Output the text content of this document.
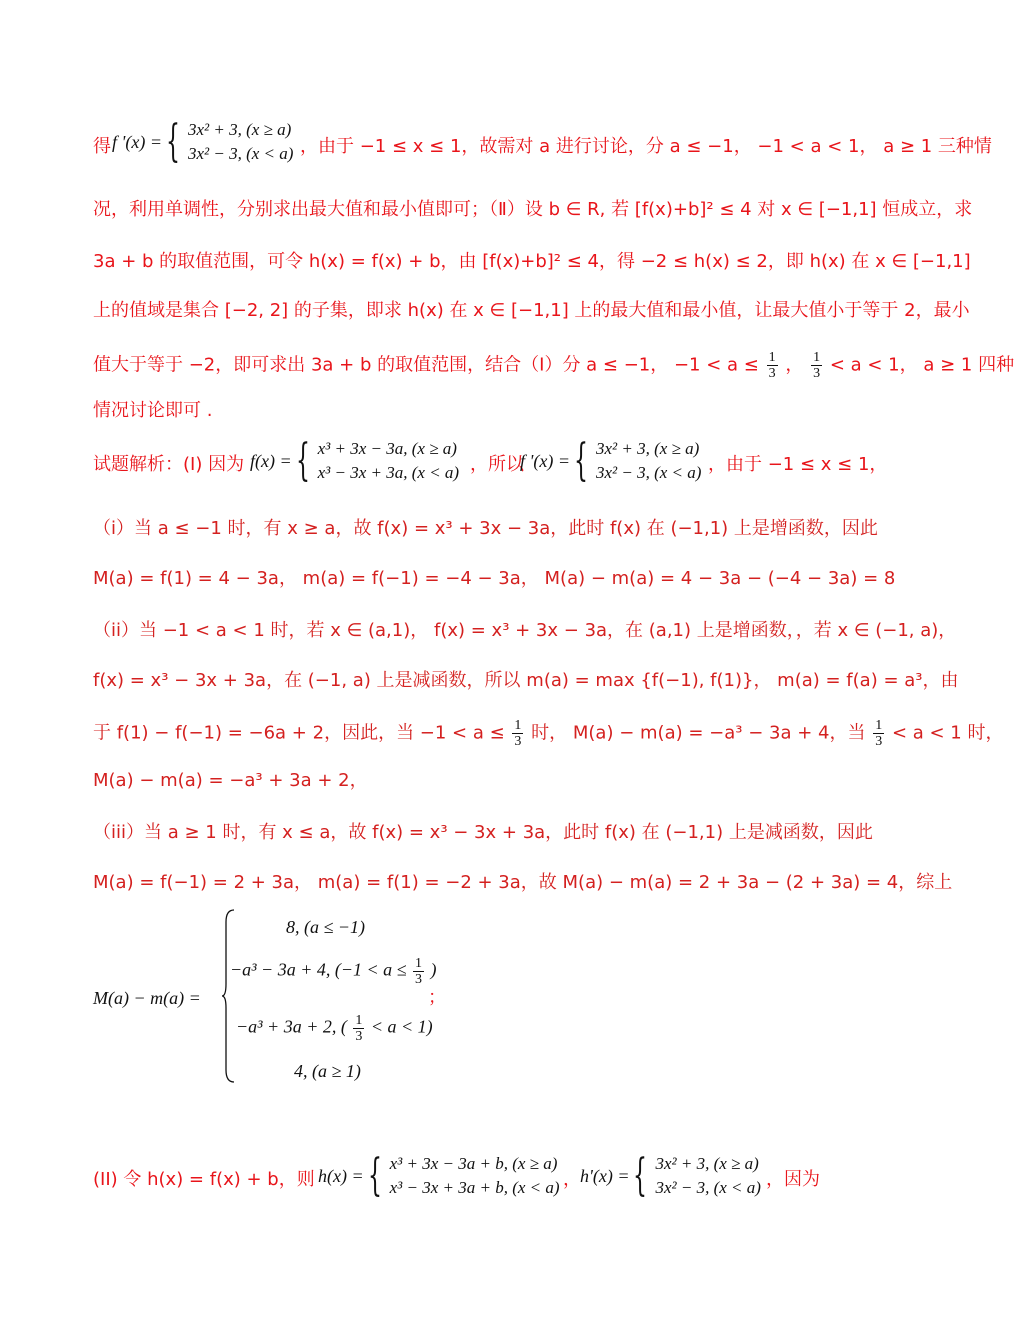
得 f '(x) = { 3x² + 3, (x ≥ a)
3x² − 3, (x < a) ，由于 −1 ≤ x ≤ 1，故需对 a 进行讨论，分 a ≤ −1， −1 < a < 1， a ≥ 1 三种情
况，利用单调性，分别求出最大值和最小值即可；（Ⅱ）设 b ∈ R, 若 [f(x)+b]² ≤ 4 对 x ∈ [−1,1] 恒成立，求
3a + b 的取值范围，可令 h(x) = f(x) + b，由 [f(x)+b]² ≤ 4，得 −2 ≤ h(x) ≤ 2，即 h(x) 在 x ∈ [−1,1]
上的值域是集合 [−2, 2] 的子集，即求 h(x) 在 x ∈ [−1,1] 上的最大值和最小值，让最大值小于等于 2，最小
值大于等于 −2，即可求出 3a + b 的取值范围，结合（I）分 a ≤ −1， $-1 < a \le \frac{1}{3}$ ， $\frac{1}{3} < a < 1$， a ≥ 1 四种
情况讨论即可 .
试题解析：(I) 因为 f(x) = { x³ + 3x − 3a, (x ≥ a)
x³ − 3x + 3a, (x < a) ，所以
f '(x) = { 3x² + 3, (x ≥ a)
3x² − 3, (x < a) ，由于 −1 ≤ x ≤ 1，
（i）当 a ≤ −1 时，有 x ≥ a，故 f(x) = x³ + 3x − 3a，此时 f(x) 在 (−1,1) 上是增函数，因此
M(a) = f(1) = 4 − 3a， m(a) = f(−1) = −4 − 3a， M(a) − m(a) = 4 − 3a − (−4 − 3a) = 8
（ii）当 −1 < a < 1 时，若 x ∈ (a,1)， f(x) = x³ + 3x − 3a，在 (a,1) 上是增函数，，若 x ∈ (−1, a)，
f(x) = x³ − 3x + 3a，在 (−1, a) 上是减函数，所以 m(a) = max {f(−1), f(1)}， m(a) = f(a) = a³，由
于 f(1) − f(−1) = −6a + 2，因此，当 $-1 < a \le \frac{1}{3}$ 时， M(a) − m(a) = −a³ − 3a + 4，当 $\frac{1}{3} < a < 1$ 时，
M(a) − m(a) = −a³ + 3a + 2，
（iii）当 a ≥ 1 时，有 x ≤ a，故 f(x) = x³ − 3x + 3a，此时 f(x) 在 (−1,1) 上是减函数，因此
M(a) = f(−1) = 2 + 3a， m(a) = f(1) = −2 + 3a，故 M(a) − m(a) = 2 + 3a − (2 + 3a) = 4，综上
M(a) − m(a) =
8, (a ≤ −1)
−a³ − 3a + 4, ($-1 < a \le \frac{1}{3}$ )
−a³ + 3a + 2, ( $\frac{1}{3} < a < 1$)
4, (a ≥ 1)
；
(II) 令 h(x) = f(x) + b，则 h(x) = { x³ + 3x − 3a + b, (x ≥ a)
x³ − 3x + 3a + b, (x < a) ， h'(x) = { 3x² + 3, (x ≥ a)
3x² − 3, (x < a) ，因为
